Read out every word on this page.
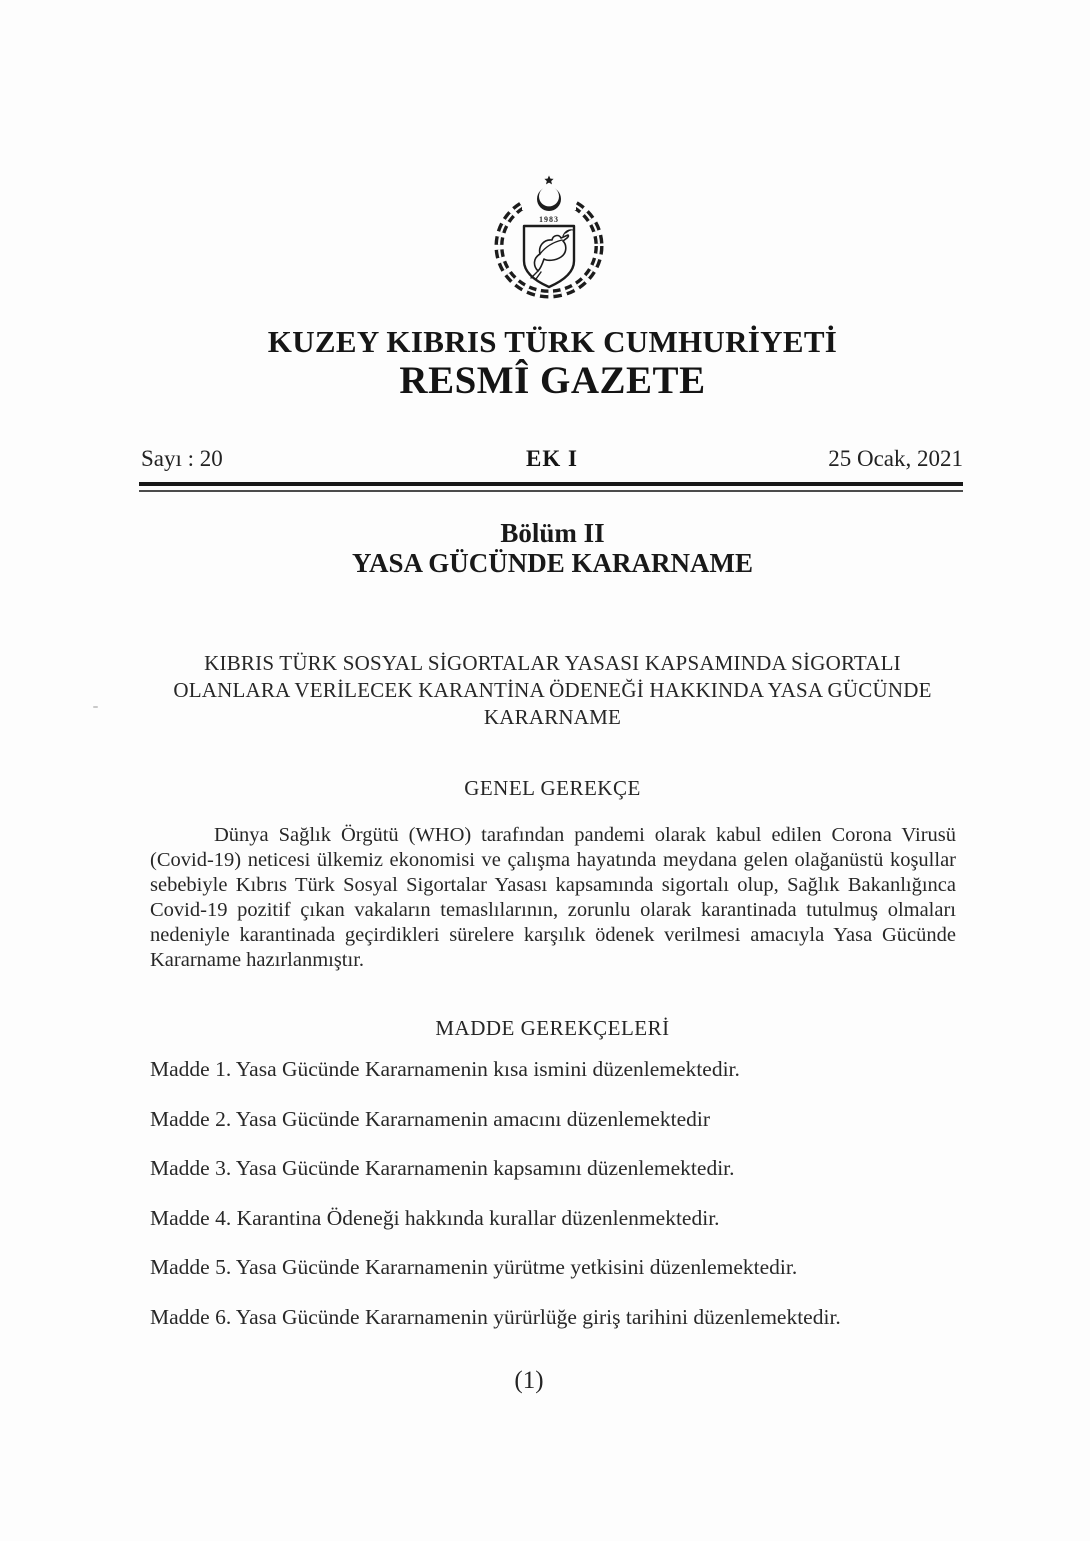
1983
KUZEY KIBRIS TÜRK CUMHURİYETİ
RESMÎ GAZETE
Sayı : 20	EK I	25 Ocak, 2021
Bölüm II
YASA GÜCÜNDE KARARNAME
KIBRIS TÜRK SOSYAL SİGORTALAR YASASI KAPSAMINDA SİGORTALI
OLANLARA VERİLECEK KARANTİNA ÖDENEĞİ HAKKINDA YASA GÜCÜNDE
KARARNAME
GENEL GEREKÇE
Dünya Sağlık Örgütü (WHO) tarafından pandemi olarak kabul edilen Corona Virusü (Covid-19) neticesi ülkemiz ekonomisi ve çalışma hayatında meydana gelen olağanüstü koşullar sebebiyle Kıbrıs Türk Sosyal Sigortalar Yasası kapsamında sigortalı olup, Sağlık Bakanlığınca Covid-19 pozitif çıkan vakaların temaslılarının, zorunlu olarak karantinada tutulmuş olmaları nedeniyle karantinada geçirdikleri sürelere karşılık ödenek verilmesi amacıyla Yasa Gücünde Kararname hazırlanmıştır.
MADDE GEREKÇELERİ
Madde 1. Yasa Gücünde Kararnamenin kısa ismini düzenlemektedir.
Madde 2. Yasa Gücünde Kararnamenin amacını düzenlemektedir
Madde 3. Yasa Gücünde Kararnamenin kapsamını düzenlemektedir.
Madde 4. Karantina Ödeneği hakkında kurallar düzenlenmektedir.
Madde 5. Yasa Gücünde Kararnamenin yürütme yetkisini düzenlemektedir.
Madde 6. Yasa Gücünde Kararnamenin yürürlüğe giriş tarihini düzenlemektedir.
(1)
